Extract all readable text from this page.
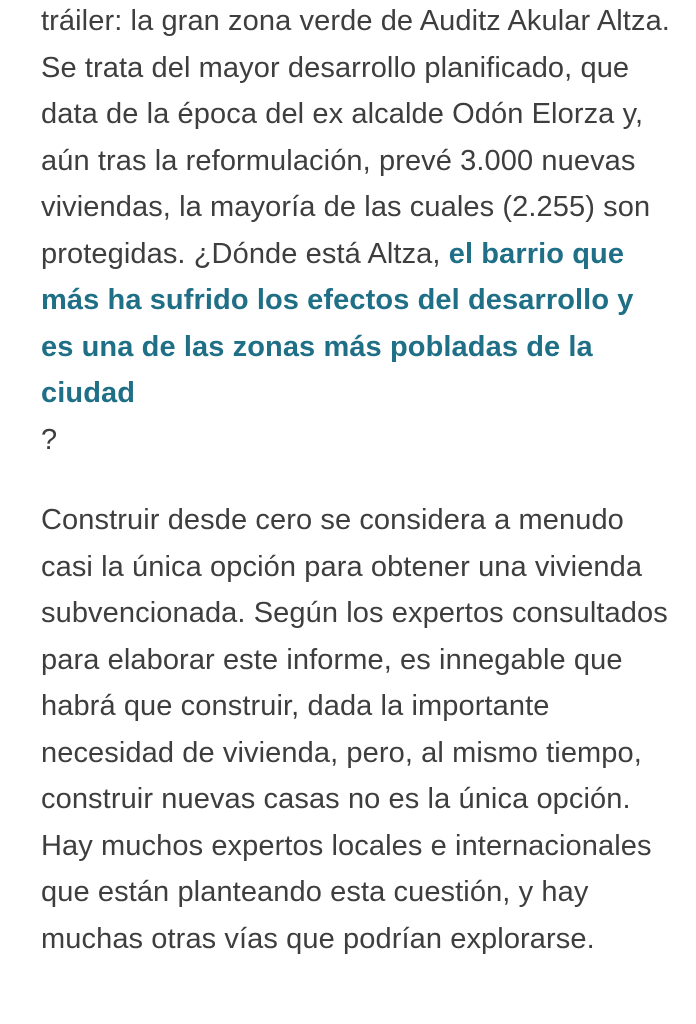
tráiler: la gran zona verde de Auditz Akular Altza. Se trata del mayor desarrollo planificado, que data de la época del ex alcalde Odón Elorza y, aún tras la reformulación, prevé 3.000 nuevas viviendas, la mayoría de las cuales (2.255) son protegidas. ¿Dónde está Altza, el barrio que más ha sufrido los efectos del desarrollo y es una de las zonas más pobladas de la ciudad
?

Construir desde cero se considera a menudo casi la única opción para obtener una vivienda subvencionada. Según los expertos consultados para elaborar este informe, es innegable que habrá que construir, dada la importante necesidad de vivienda, pero, al mismo tiempo, construir nuevas casas no es la única opción. Hay muchos expertos locales e internacionales que están planteando esta cuestión, y hay muchas otras vías que podrían explorarse.
